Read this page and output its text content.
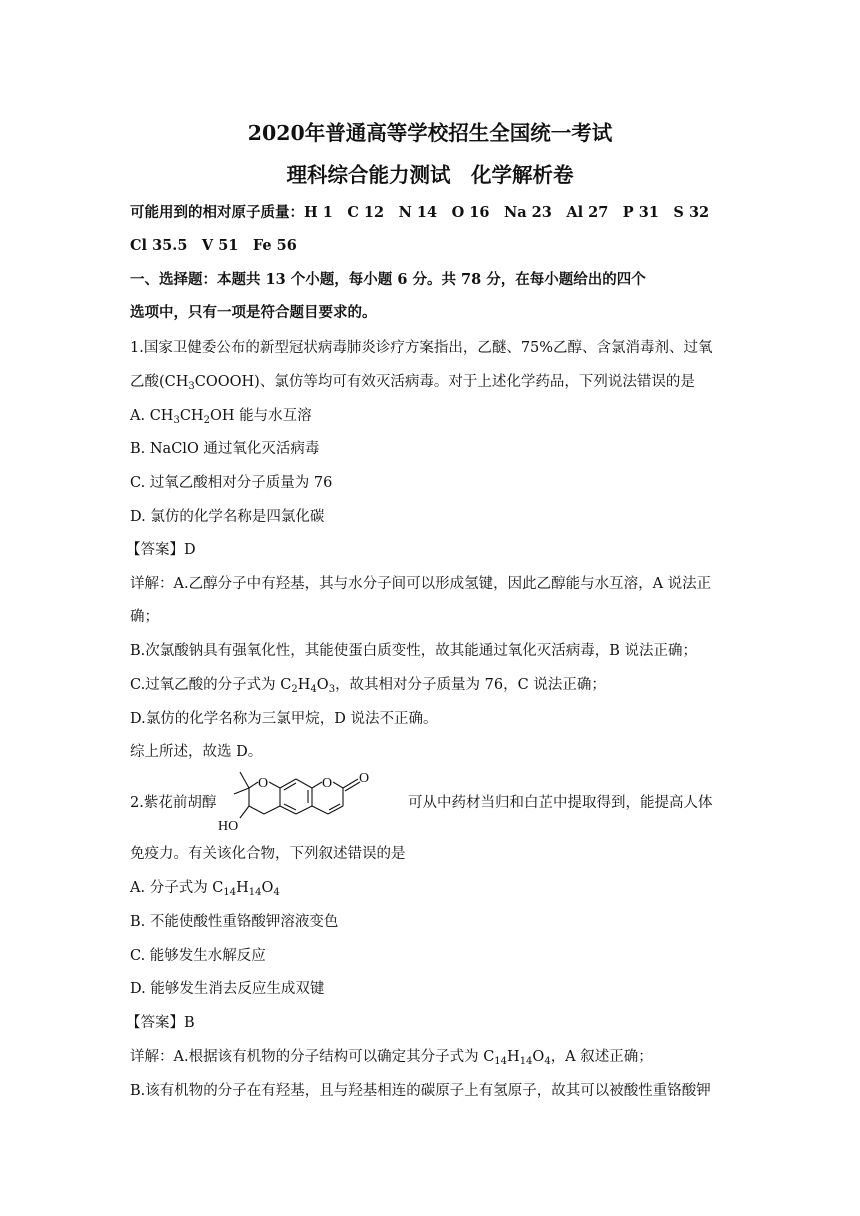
2020年普通高等学校招生全国统一考试
理科综合能力测试　化学解析卷
可能用到的相对原子质量：H 1　C 12　N 14　O 16　Na 23　Al 27　P 31　S 32
Cl 35.5　V 51　Fe 56
一、选择题：本题共 13 个小题，每小题 6 分。共 78 分，在每小题给出的四个
选项中，只有一项是符合题目要求的。
1.国家卫健委公布的新型冠状病毒肺炎诊疗方案指出，乙醚、75%乙醇、含氯消毒剂、过氧
乙酸$(CH_3COOOH)$、氯仿等均可有效灭活病毒。对于上述化学药品，下列说法错误的是
A. $CH_3CH_2OH$ 能与水互溶
B. NaClO 通过氧化灭活病毒
C. 过氧乙酸相对分子质量为 76
D. 氯仿的化学名称是四氯化碳
【答案】D
详解：A.乙醇分子中有羟基，其与水分子间可以形成氢键，因此乙醇能与水互溶，A 说法正
确；
B.次氯酸钠具有强氧化性，其能使蛋白质变性，故其能通过氧化灭活病毒，B 说法正确；
C.过氧乙酸的分子式为 $C_2H_4O_3$，故其相对分子质量为 76，C 说法正确；
D.氯仿的化学名称为三氯甲烷，D 说法不正确。
综上所述，故选 D。
2.紫花前胡醇	可从中药材当归和白芷中提取得到，能提高人体
O	O O
HO
免疫力。有关该化合物，下列叙述错误的是
A. 分子式为 $C_{14}H_{14}O_4$
B. 不能使酸性重铬酸钾溶液变色
C. 能够发生水解反应
D. 能够发生消去反应生成双键
【答案】B
详解：A.根据该有机物的分子结构可以确定其分子式为 $C_{14}H_{14}O_4$，A 叙述正确；
B.该有机物的分子在有羟基，且与羟基相连的碳原子上有氢原子，故其可以被酸性重铬酸钾
